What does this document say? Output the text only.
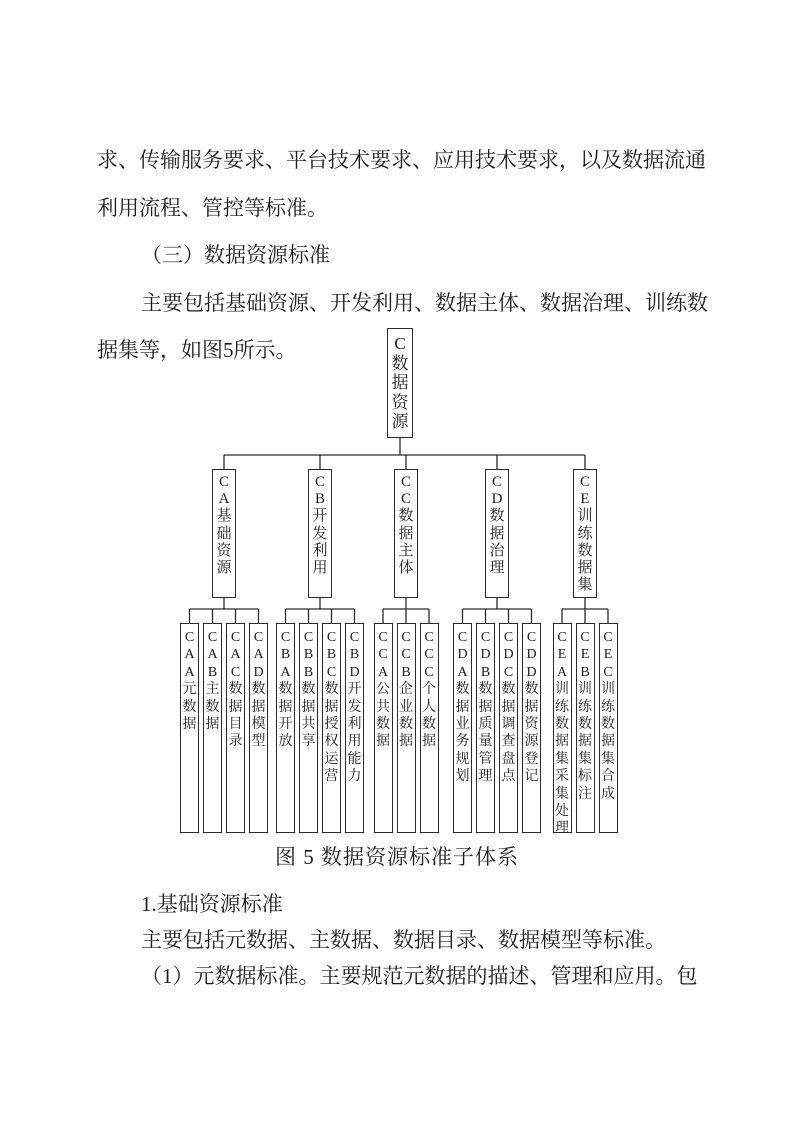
求、传输服务要求、平台技术要求、应用技术要求，以及数据流通
利用流程、管控等标准。
（三）数据资源标准
主要包括基础资源、开发利用、数据主体、数据治理、训练数
据集等，如图5所示。	C
数
据
资
源
C
A
基
础
资
源
C
A
A
元
数
据
C
A
B
主
数
据
C
A
C
数
据
目
录
C
A
D
数
据
模
型
C
B
开
发
利
用
C
B
A
数
据
开
放
C
B
B
数
据
共
享
C
B
C
数
据
授
权
运
营
C
B
D
开
发
利
用
能
力
C
C
数
据
主
体
C
C
A
公
共
数
据
C
C
B
企
业
数
据
C
C
C
个
人
数
据
C
D
数
据
治
理
C
D
A
数
据
业
务
规
划
C
D
B
数
据
质
量
管
理
C
D
C
数
据
调
查
盘
点
C
D
D
数
据
资
源
登
记
C
E
训
练
数
据
集
C
E
A
训
练
数
据
集
采
集
处
理
C
E
B
训
练
数
据
集
标
注
C
E
C
训
练
数
据
集
合
成
图 5 数据资源标准子体系
1.基础资源标准
主要包括元数据、主数据、数据目录、数据模型等标准。
（1）元数据标准。主要规范元数据的描述、管理和应用。包
